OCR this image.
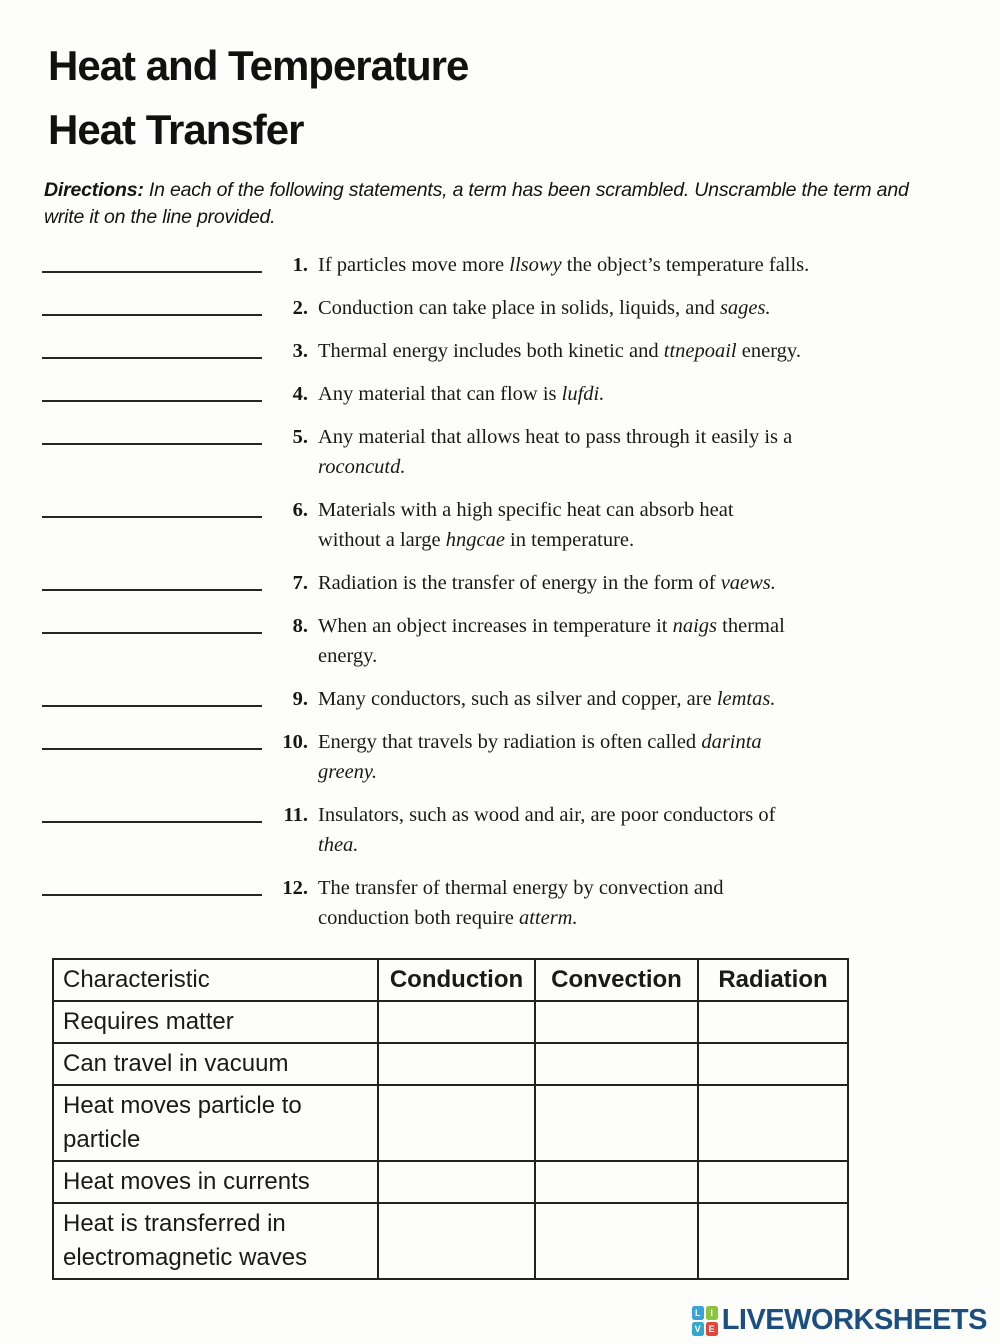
Heat and Temperature
Heat Transfer

Directions: In each of the following statements, a term has been scrambled. Unscramble the term and write it on the line provided.

1. If particles move more llsowy the object’s temperature falls.
2. Conduction can take place in solids, liquids, and sages.
3. Thermal energy includes both kinetic and ttnepoail energy.
4. Any material that can flow is lufdi.
5. Any material that allows heat to pass through it easily is a
roconcutd.
6. Materials with a high specific heat can absorb heat
without a large hngcae in temperature.
7. Radiation is the transfer of energy in the form of vaews.
8. When an object increases in temperature it naigs thermal
energy.
9. Many conductors, such as silver and copper, are lemtas.
10. Energy that travels by radiation is often called darinta
greeny.
11. Insulators, such as wood and air, are poor conductors of
thea.
12. The transfer of thermal energy by convection and
conduction both require atterm.
Characteristic	Conduction	Convection	Radiation
Requires matter			
Can travel in vacuum			
Heat moves particle to particle			
Heat moves in currents			
Heat is transferred in electromagnetic waves			
L	I
V E LIVEWORKSHEETS
